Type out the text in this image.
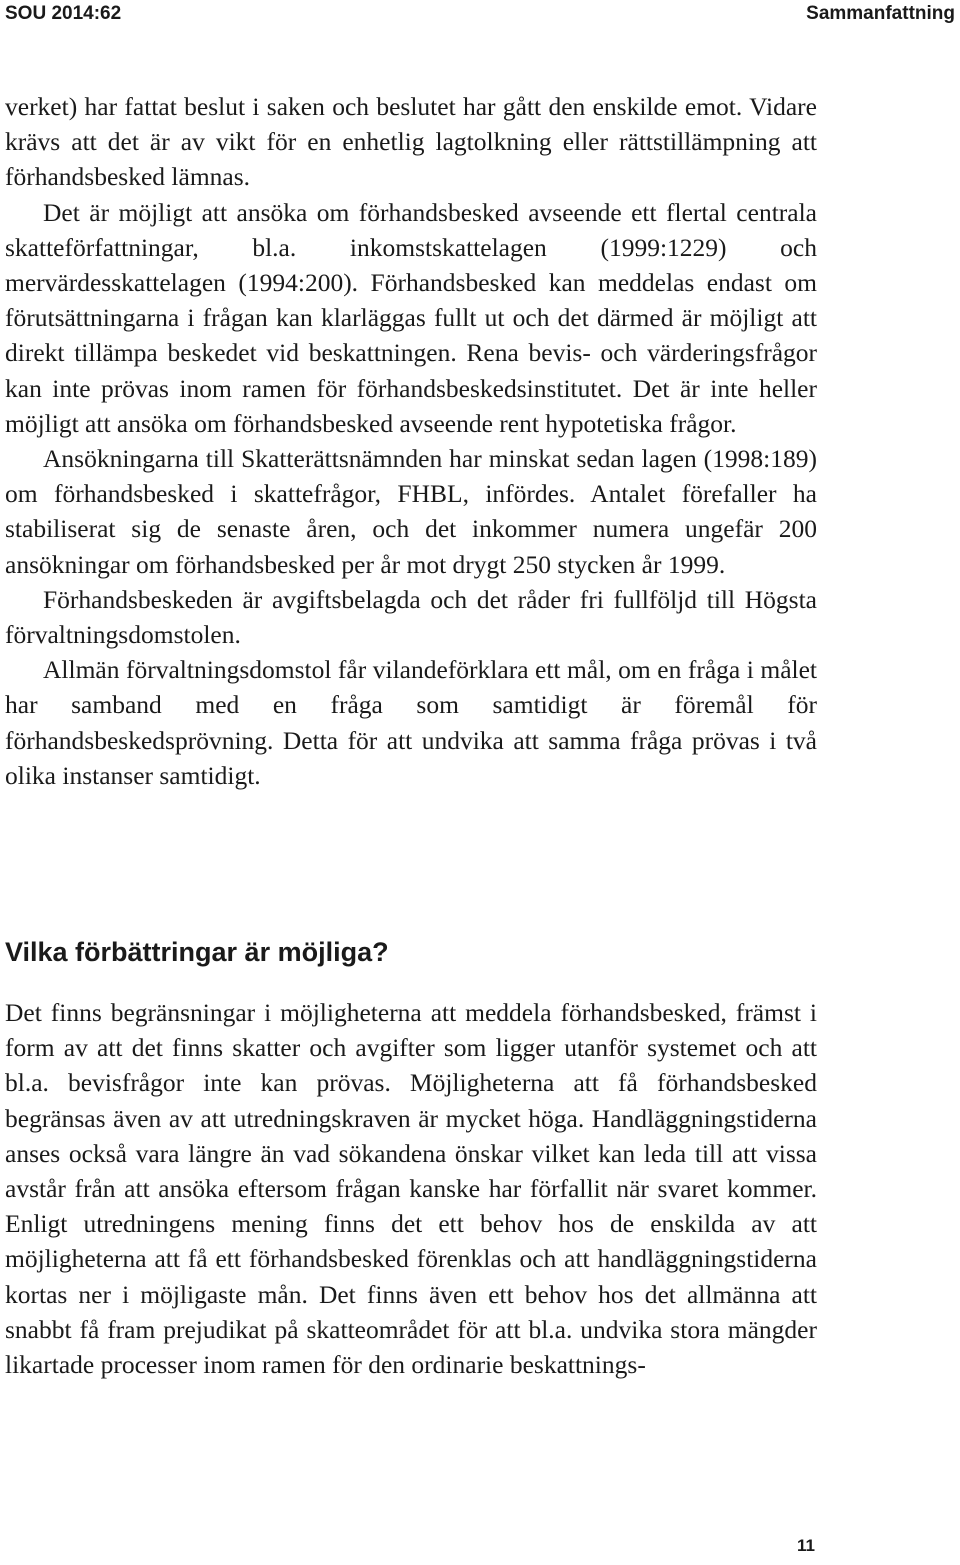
SOU 2014:62	Sammanfattning

verket) har fattat beslut i saken och beslutet har gått den enskilde emot. Vidare krävs att det är av vikt för en enhetlig lagtolkning eller rättstillämpning att förhandsbesked lämnas.

Det är möjligt att ansöka om förhandsbesked avseende ett flertal centrala skatteförfattningar, bl.a. inkomstskattelagen (1999:1229) och mervärdesskattelagen (1994:200). Förhandsbesked kan meddelas endast om förutsättningarna i frågan kan klarläggas fullt ut och det därmed är möjligt att direkt tillämpa beskedet vid beskattningen. Rena bevis- och värderingsfrågor kan inte prövas inom ramen för förhandsbeskedsinstitutet. Det är inte heller möjligt att ansöka om förhandsbesked avseende rent hypotetiska frågor.

Ansökningarna till Skatterättsnämnden har minskat sedan lagen (1998:189) om förhandsbesked i skattefrågor, FHBL, infördes. Antalet förefaller ha stabiliserat sig de senaste åren, och det inkommer numera ungefär 200 ansökningar om förhandsbesked per år mot drygt 250 stycken år 1999.

Förhandsbeskeden är avgiftsbelagda och det råder fri fullföljd till Högsta förvaltningsdomstolen.

Allmän förvaltningsdomstol får vilandeförklara ett mål, om en fråga i målet har samband med en fråga som samtidigt är föremål för förhandsbeskedsprövning. Detta för att undvika att samma fråga prövas i två olika instanser samtidigt.

Vilka förbättringar är möjliga?

Det finns begränsningar i möjligheterna att meddela förhandsbesked, främst i form av att det finns skatter och avgifter som ligger utanför systemet och att bl.a. bevisfrågor inte kan prövas. Möjligheterna att få förhandsbesked begränsas även av att utredningskraven är mycket höga. Handläggningstiderna anses också vara längre än vad sökandena önskar vilket kan leda till att vissa avstår från att ansöka eftersom frågan kanske har förfallit när svaret kommer. Enligt utredningens mening finns det ett behov hos de enskilda av att möjligheterna att få ett förhandsbesked förenklas och att handläggningstiderna kortas ner i möjligaste mån. Det finns även ett behov hos det allmänna att snabbt få fram prejudikat på skatteområdet för att bl.a. undvika stora mängder likartade processer inom ramen för den ordinarie beskattnings-

11
